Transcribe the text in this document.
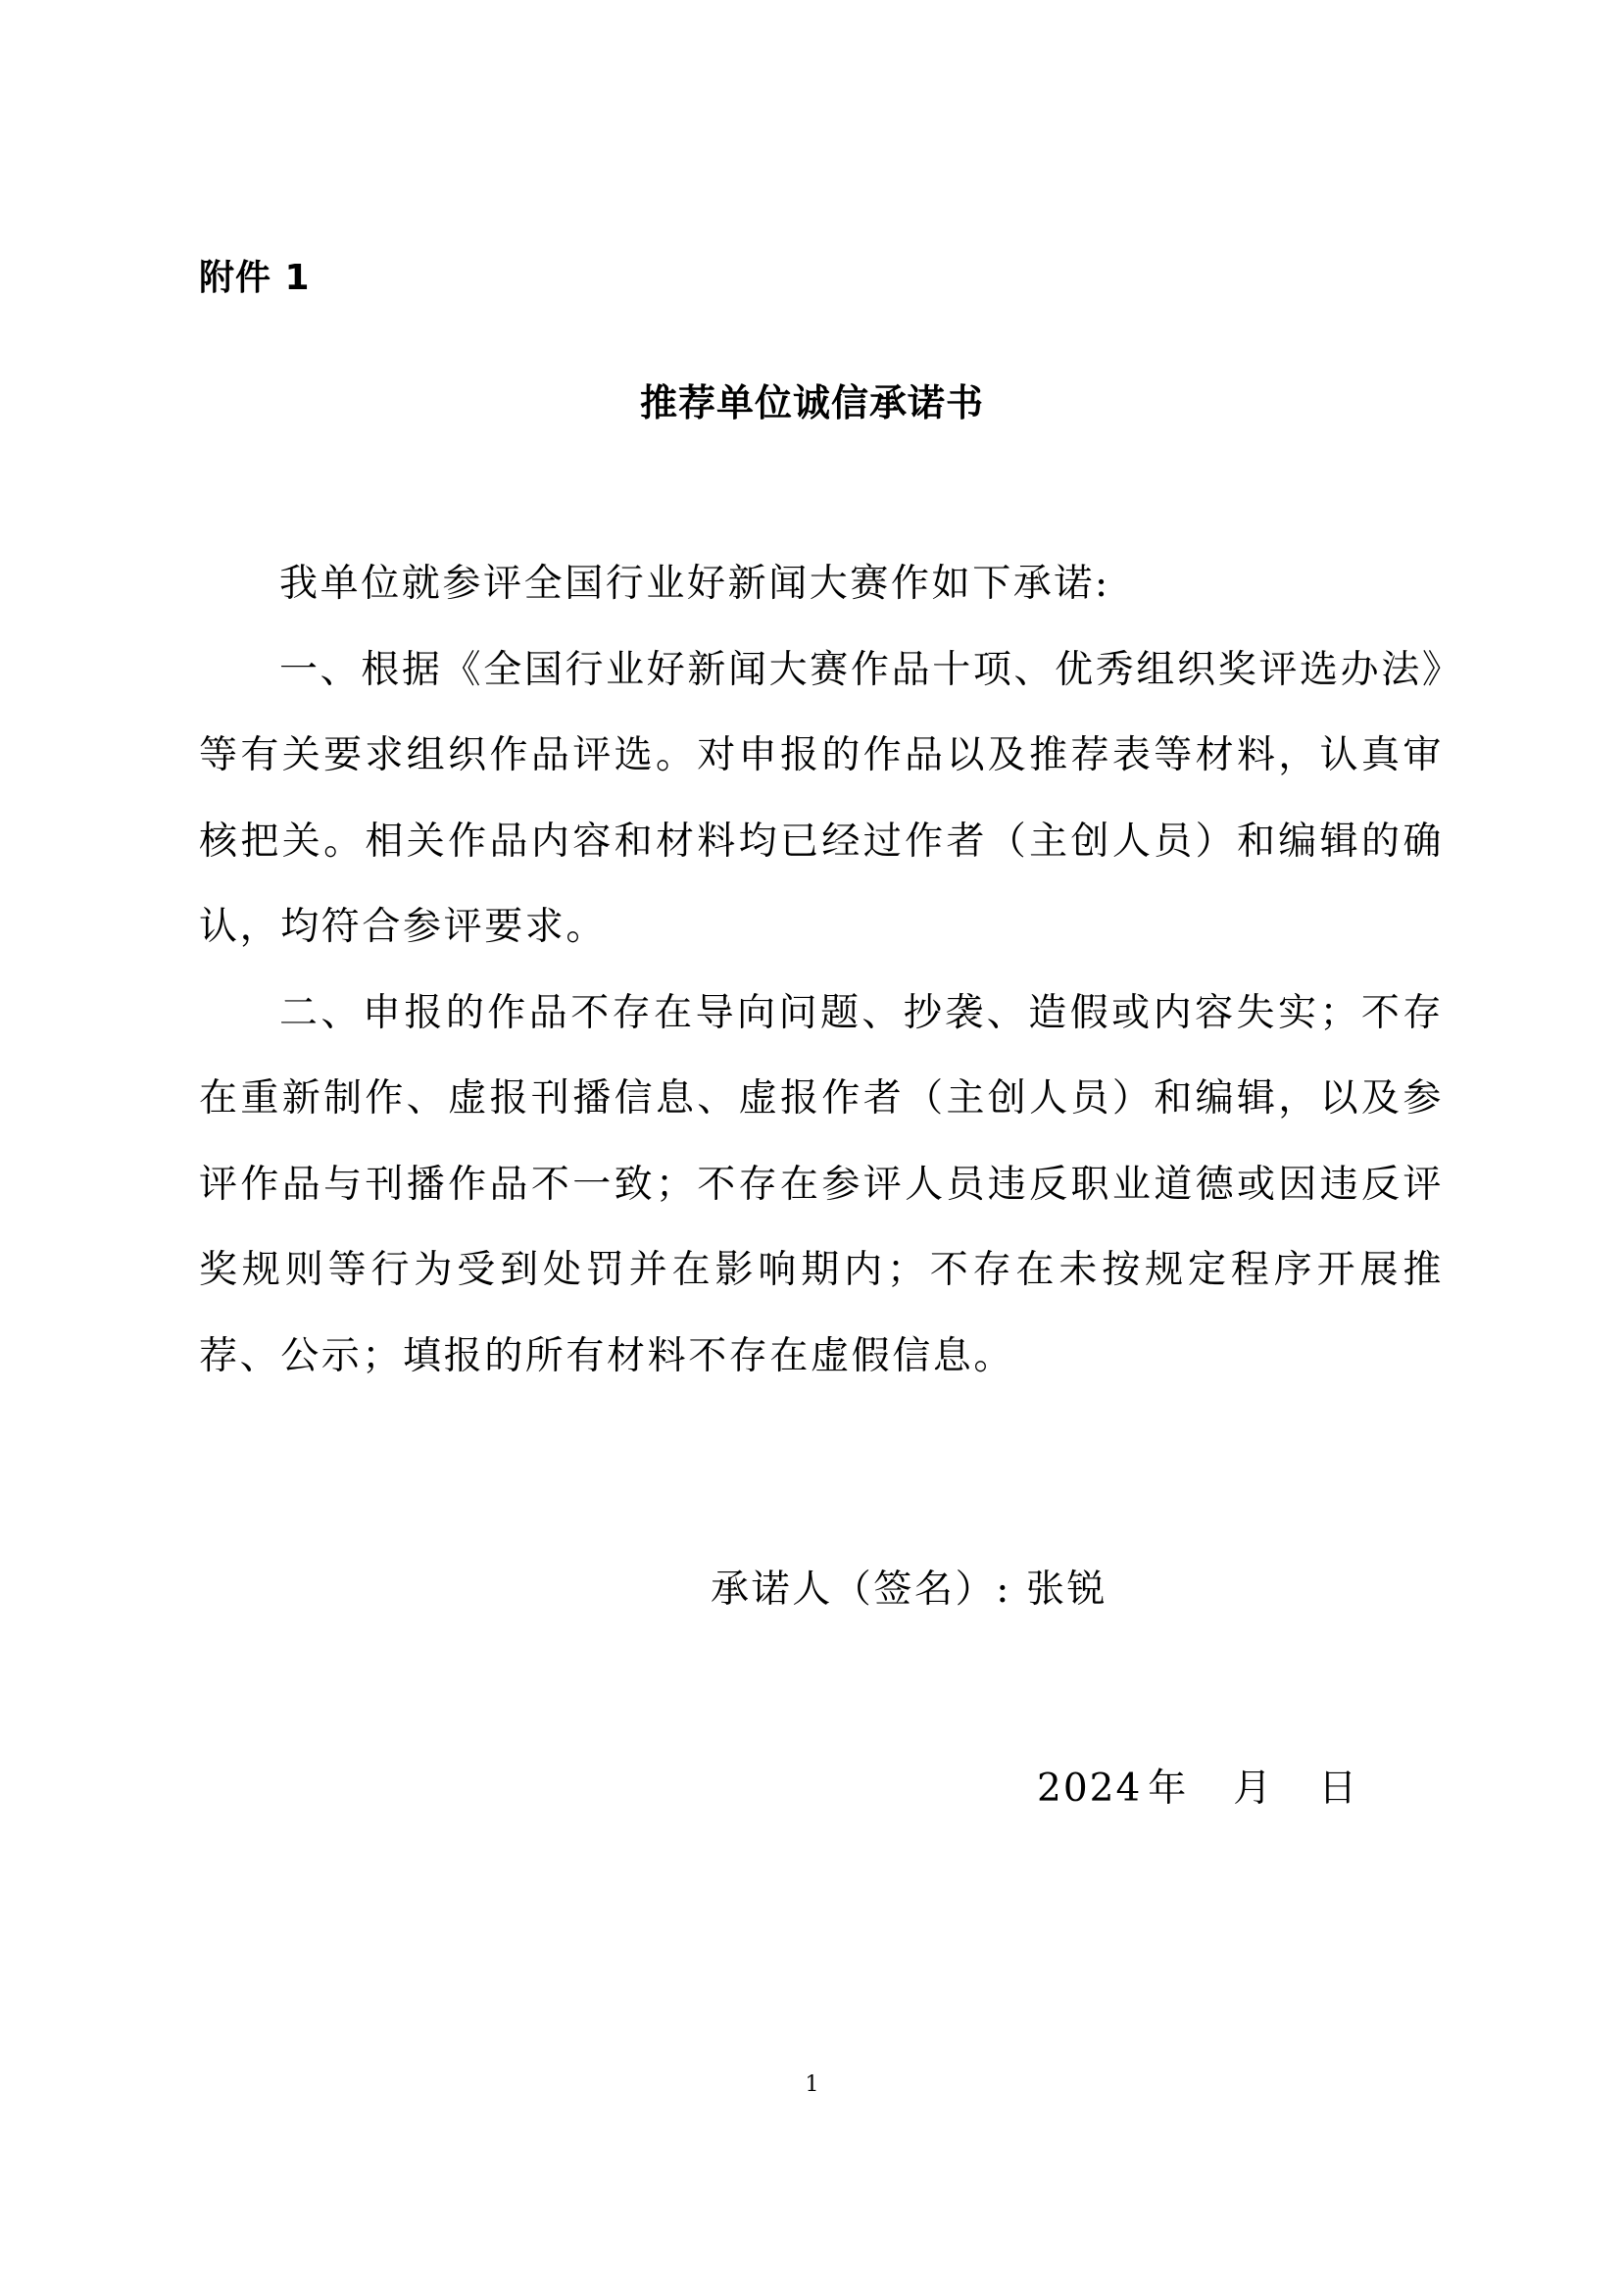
附件 1
推荐单位诚信承诺书

我单位就参评全国行业好新闻大赛作如下承诺:

一、根据《全国行业好新闻大赛作品十项、优秀组织奖评选办法》等有关要求组织作品评选。对申报的作品以及推荐表等材料，认真审核把关。相关作品内容和材料均已经过作者（主创人员）和编辑的确认，均符合参评要求。

二、申报的作品不存在导向问题、抄袭、造假或内容失实；不存在重新制作、虚报刊播信息、虚报作者（主创人员）和编辑，以及参评作品与刊播作品不一致；不存在参评人员违反职业道德或因违反评奖规则等行为受到处罚并在影响期内；不存在未按规定程序开展推荐、公示；填报的所有材料不存在虚假信息。

承诺人（签名）: 张锐
2024 年 月 日
1
